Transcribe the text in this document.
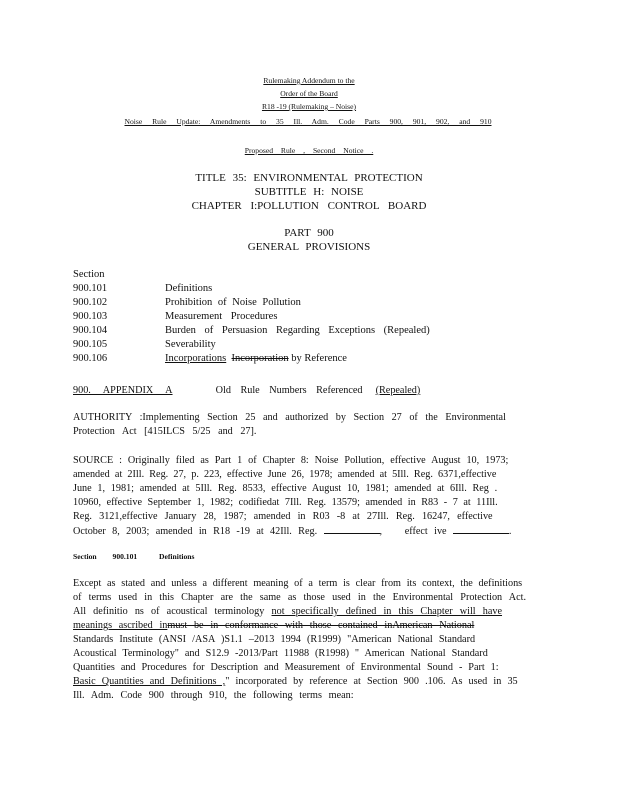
Rulemaking Addendum to the
Order of the Board
R18 -19 (Rulemaking – Noise)
Noise Rule Update: Amendments to 35 Ill. Adm. Code Parts 900, 901, 902, and 910
Proposed Rule , Second Notice .
TITLE 35: ENVIRONMENTAL PROTECTION
SUBTITLE H: NOISE
CHAPTER I:POLLUTION CONTROL BOARD
PART 900
GENERAL PROVISIONS
Section
900.101	Definitions
900.102	Prohibition of Noise Pollution
900.103	Measurement Procedures
900.104	Burden of Persuasion Regarding Exceptions (Repealed)
900.105	Severability
900.106	Incorporations Incorporation by Reference
900. APPENDIX A	Old Rule Numbers Referenced (Repealed)
AUTHORITY :Implementing Section 25 and authorized by Section 27 of the Environmental
Protection Act [415ILCS 5/25 and 27].
SOURCE : Originally filed as Part 1 of Chapter 8: Noise Pollution, effective August 10, 1973;
amended at 2Ill. Reg. 27, p. 223, effective June 26, 1978; amended at 5Ill. Reg. 6371,effective
June 1, 1981; amended at 5Ill. Reg. 8533, effective August 10, 1981; amended at 6Ill. Reg .
10960, effective September 1, 1982; codifiedat 7Ill. Reg. 13579; amended in R83 - 7 at 11Ill.
Reg. 3121,effective January 28, 1987; amended in R03 -8 at 27Ill. Reg. 16247, effective
October 8, 2003; amended in R18 -19 at 42Ill. Reg.	, effect ive	.
Section 900.101	Definitions
Except as stated and unless a different meaning of a term is clear from its context, the definitions
of terms used in this Chapter are the same as those used in the Environmental Protection Act.
All definitio ns of acoustical terminology not specifically defined in this Chapter will have
meanings ascribed inmust be in conformance with those contained inAmerican National
Standards Institute (ANSI /ASA )S1.1 –2013 1994 (R1999) "American National Standard
Acoustical Terminology" and S12.9 -2013/Part 11988 (R1998) " American National Standard
Quantities and Procedures for Description and Measurement of Environmental Sound - Part 1:
Basic Quantities and Definitions ," incorporated by reference at Section 900 .106. As used in 35
Ill. Adm. Code 900 through 910, the following terms mean:
